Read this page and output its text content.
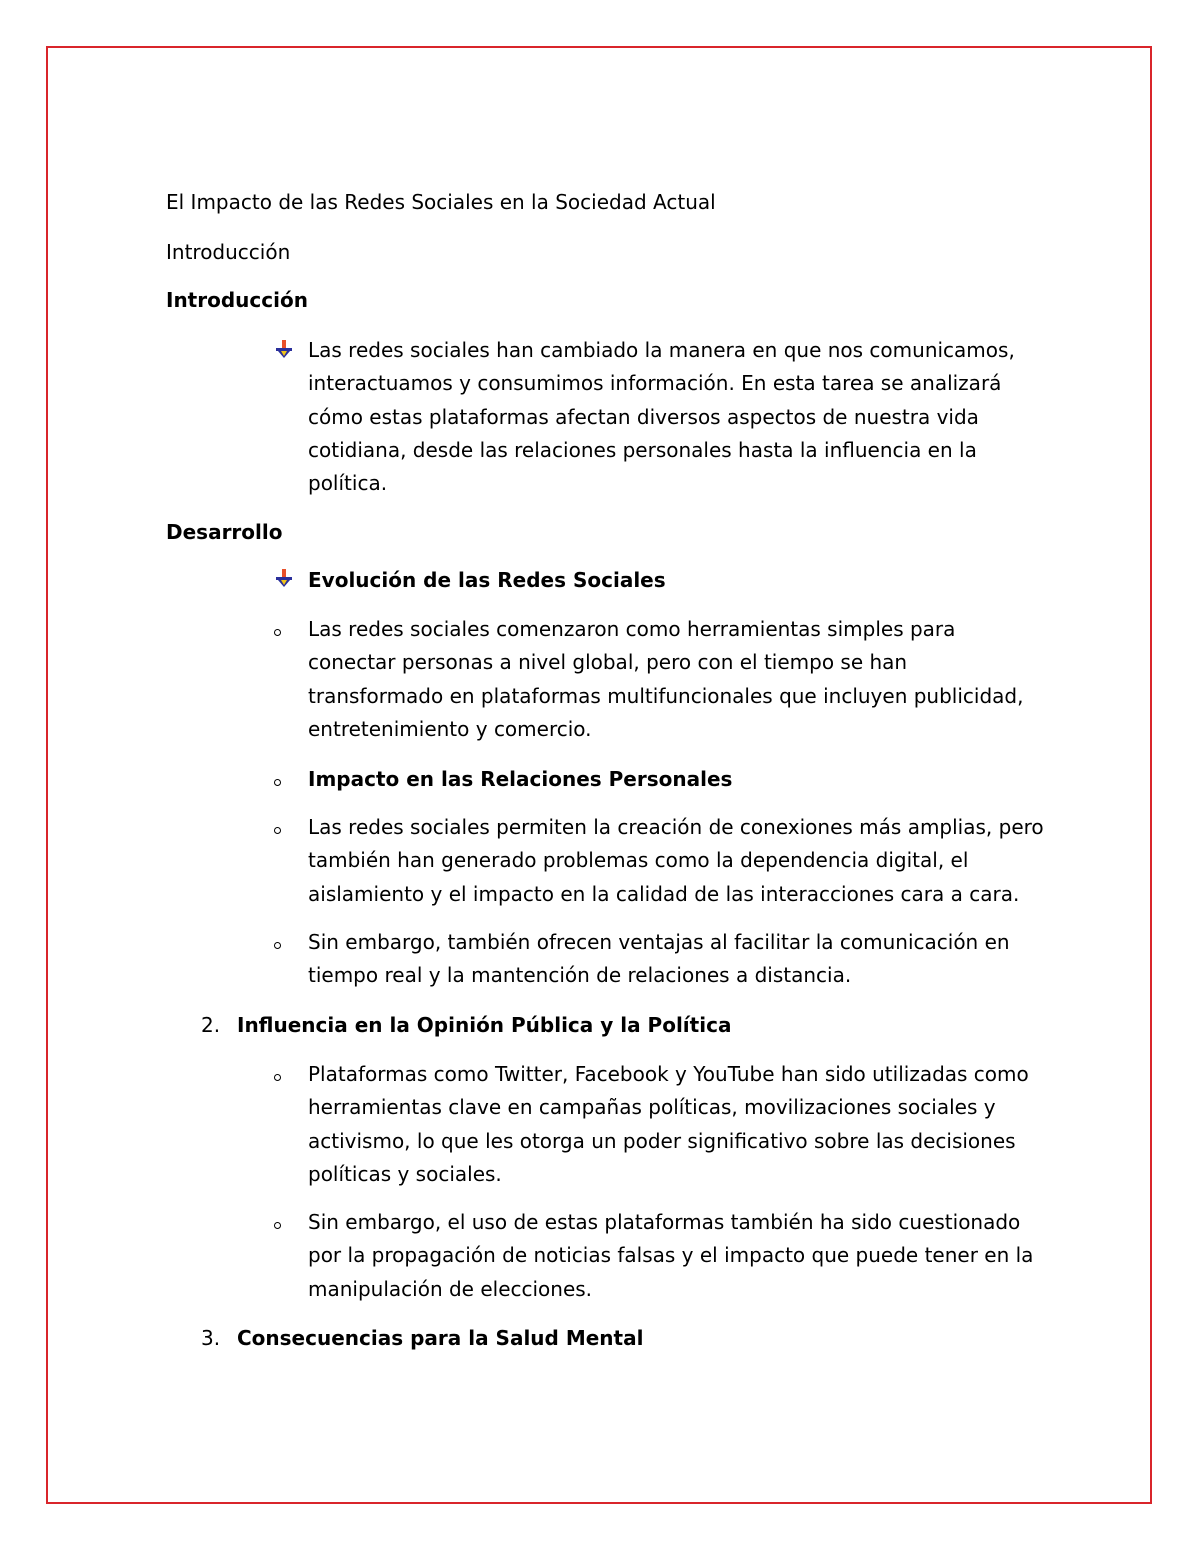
El Impacto de las Redes Sociales en la Sociedad Actual
Introducción
Introducción
Las redes sociales han cambiado la manera en que nos comunicamos, interactuamos y consumimos información. En esta tarea se analizará cómo estas plataformas afectan diversos aspectos de nuestra vida cotidiana, desde las relaciones personales hasta la influencia en la política.
Desarrollo
Evolución de las Redes Sociales
Las redes sociales comenzaron como herramientas simples para conectar personas a nivel global, pero con el tiempo se han transformado en plataformas multifuncionales que incluyen publicidad, entretenimiento y comercio.
Impacto en las Relaciones Personales
Las redes sociales permiten la creación de conexiones más amplias, pero también han generado problemas como la dependencia digital, el aislamiento y el impacto en la calidad de las interacciones cara a cara.
Sin embargo, también ofrecen ventajas al facilitar la comunicación en tiempo real y la mantención de relaciones a distancia.
2. Influencia en la Opinión Pública y la Política
Plataformas como Twitter, Facebook y YouTube han sido utilizadas como herramientas clave en campañas políticas, movilizaciones sociales y activismo, lo que les otorga un poder significativo sobre las decisiones políticas y sociales.
Sin embargo, el uso de estas plataformas también ha sido cuestionado por la propagación de noticias falsas y el impacto que puede tener en la manipulación de elecciones.
3. Consecuencias para la Salud Mental
